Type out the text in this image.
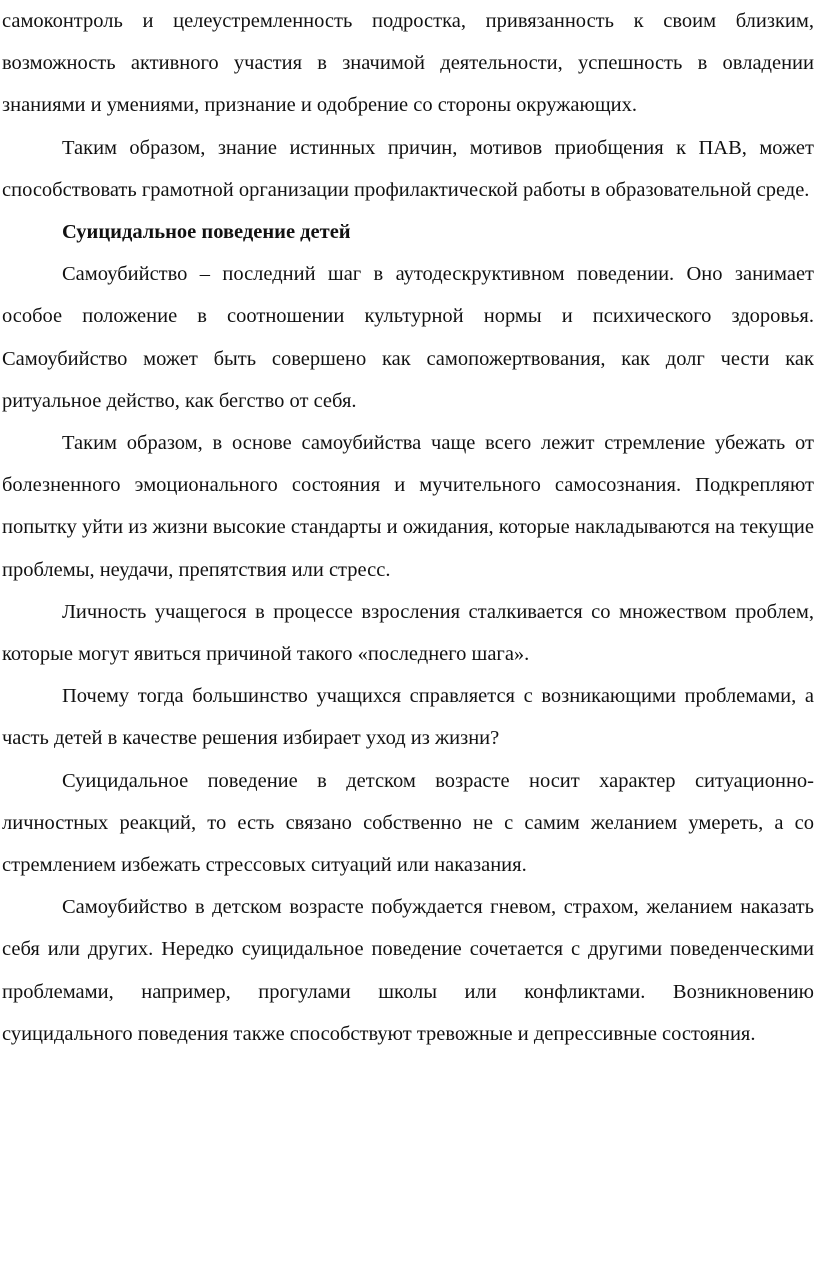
самоконтроль и целеустремленность подростка, привязанность к своим близким, возможность активного участия в значимой деятельности, успешность в овладении знаниями и умениями, признание и одобрение со стороны окружающих.

Таким образом, знание истинных причин, мотивов приобщения к ПАВ, может способствовать грамотной организации профилактической работы в образовательной среде.

Суицидальное поведение детей

Самоубийство – последний шаг в аутодескруктивном поведении. Оно занимает особое положение в соотношении культурной нормы и психического здоровья. Самоубийство может быть совершено как самопожертвования, как долг чести как ритуальное действо, как бегство от себя.

Таким образом, в основе самоубийства чаще всего лежит стремление убежать от болезненного эмоционального состояния и мучительного самосознания. Подкрепляют попытку уйти из жизни высокие стандарты и ожидания, которые накладываются на текущие проблемы, неудачи, препятствия или стресс.

Личность учащегося в процессе взросления сталкивается со множеством проблем, которые могут явиться причиной такого «последнего шага».

Почему тогда большинство учащихся справляется с возникающими проблемами, а часть детей в качестве решения избирает уход из жизни?

Суицидальное поведение в детском возрасте носит характер ситуационно-личностных реакций, то есть связано собственно не с самим желанием умереть, а со стремлением избежать стрессовых ситуаций или наказания.

Самоубийство в детском возрасте побуждается гневом, страхом, желанием наказать себя или других. Нередко суицидальное поведение сочетается с другими поведенческими проблемами, например, прогулами школы или конфликтами. Возникновению суицидального поведения также способствуют тревожные и депрессивные состояния.
